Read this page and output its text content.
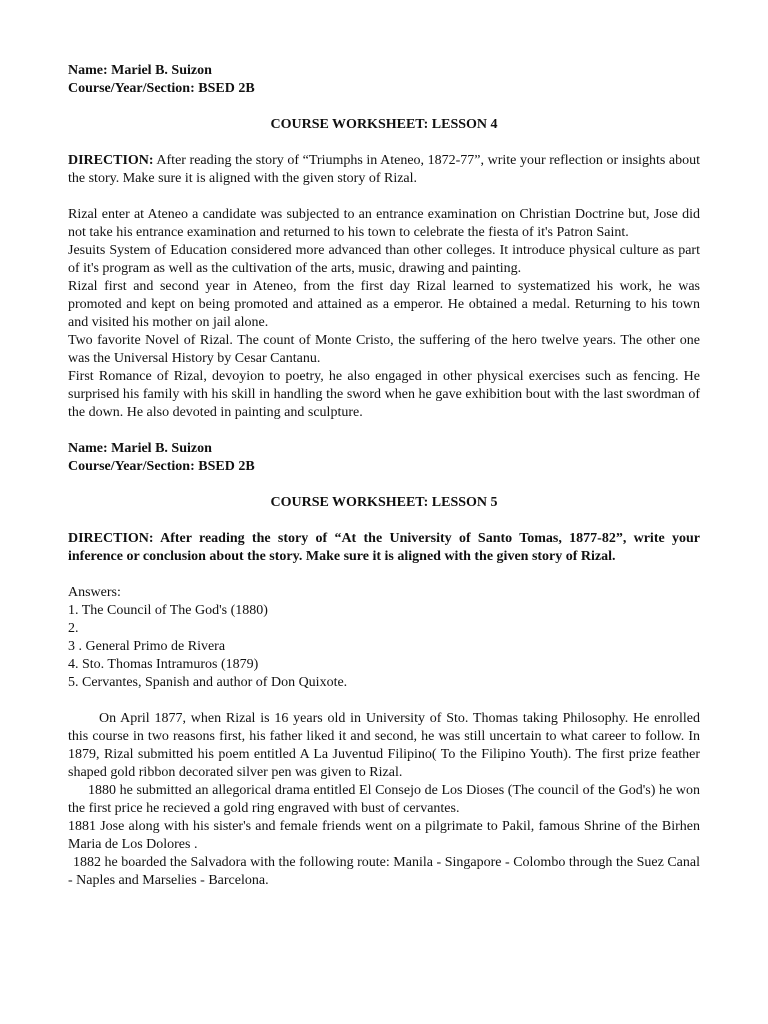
Name: Mariel B. Suizon
Course/Year/Section: BSED 2B
COURSE WORKSHEET: LESSON 4
DIRECTION: After reading the story of “Triumphs in Ateneo, 1872-77”, write your reflection or insights about the story. Make sure it is aligned with the given story of Rizal.
Rizal enter at Ateneo a candidate was subjected to an entrance examination on Christian Doctrine but, Jose did not take his entrance examination and returned to his town to celebrate the fiesta of it's Patron Saint.
Jesuits System of Education considered more advanced than other colleges. It introduce physical culture as part of it's program as well as the cultivation of the arts, music, drawing and painting.
Rizal first and second year in Ateneo, from the first day Rizal learned to systematized his work, he was promoted and kept on being promoted and attained as a emperor. He obtained a medal. Returning to his town and visited his mother on jail alone.
Two favorite Novel of Rizal. The count of Monte Cristo, the suffering of the hero twelve years. The other one was the Universal History by Cesar Cantanu.
First Romance of Rizal, devoyion to poetry, he also engaged in other physical exercises such as fencing. He surprised his family with his skill in handling the sword when he gave exhibition bout with the last swordman of the down. He also devoted in painting and sculpture.
Name: Mariel B. Suizon
Course/Year/Section: BSED 2B
COURSE WORKSHEET: LESSON 5
DIRECTION: After reading the story of “At the University of Santo Tomas, 1877-82”, write your inference or conclusion about the story. Make sure it is aligned with the given story of Rizal.
Answers:
1. The Council of The God's (1880)
2.
3 . General Primo de Rivera
4. Sto. Thomas Intramuros (1879)
5. Cervantes, Spanish and author of Don Quixote.
On April 1877, when Rizal is 16 years old in University of Sto. Thomas taking Philosophy. He enrolled this course in two reasons first, his father liked it and second, he was still uncertain to what career to follow. In 1879, Rizal submitted his poem entitled A La Juventud Filipino( To the Filipino Youth). The first prize feather shaped gold ribbon decorated silver pen was given to Rizal.
1880 he submitted an allegorical drama entitled El Consejo de Los Dioses (The council of the God's) he won the first price he recieved a gold ring engraved with bust of cervantes.
1881 Jose along with his sister's and female friends went on a pilgrimate to Pakil, famous Shrine of the Birhen Maria de Los Dolores .
1882 he boarded the Salvadora with the following route: Manila - Singapore - Colombo through the Suez Canal - Naples and Marselies - Barcelona.
